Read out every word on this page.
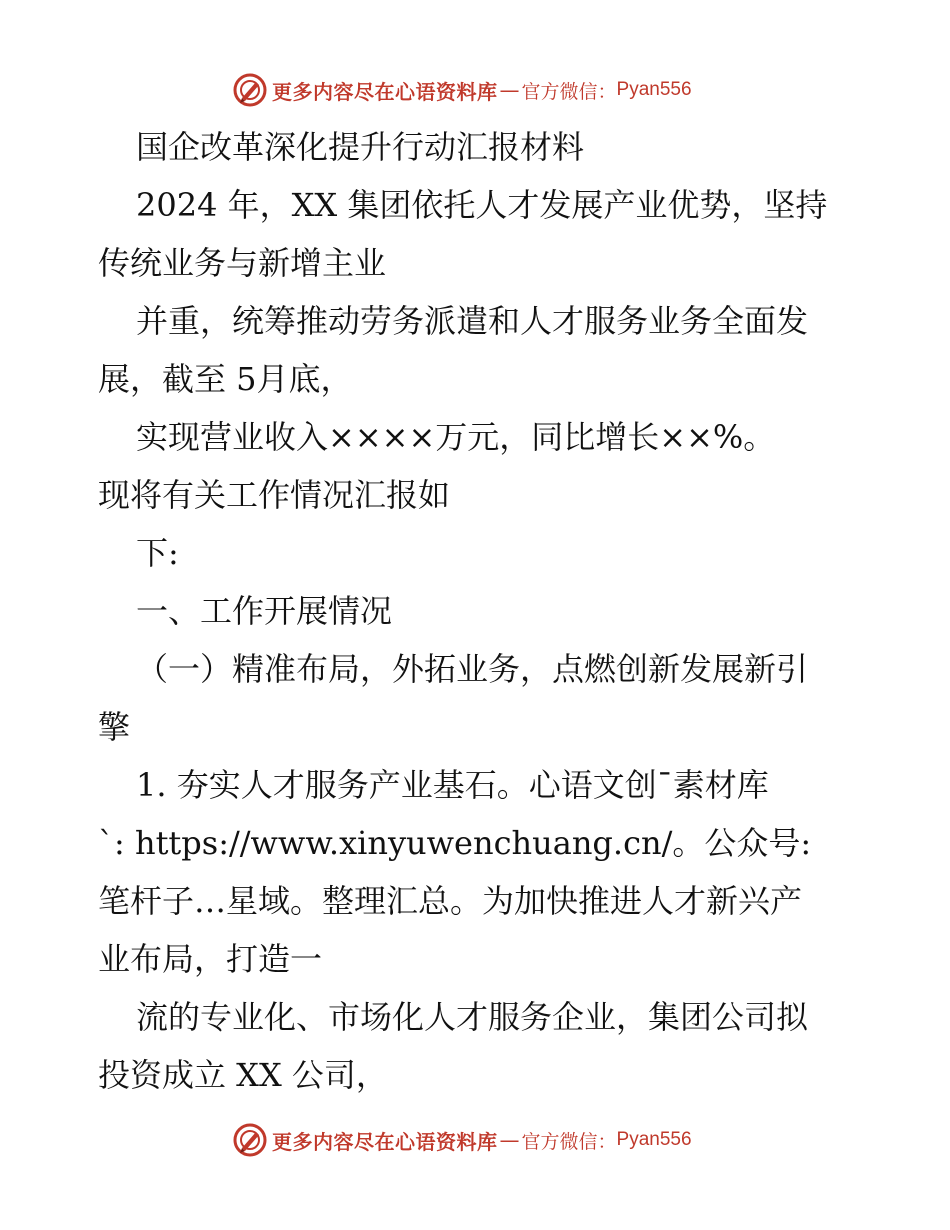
更多内容尽在心语资料库 — 官方微信： Pyan556
国企改革深化提升行动汇报材料
2024 年，XX 集团依托人才发展产业优势，坚持
传统业务与新增主业
并重，统筹推动劳务派遣和人才服务业务全面发
展，截至 5月底，
实现营业收入××××万元，同比增长××%。
现将有关工作情况汇报如
下:
一、工作开展情况
（一）精准布局，外拓业务，点燃创新发展新引
擎
1. 夯实人才服务产业基石。心语文创¯素材库
`: https://www.xinyuwenchuang.cn/。公众号:
笔杆子…星域。整理汇总。为加快推进人才新兴产
业布局，打造一
流的专业化、市场化人才服务企业，集团公司拟
投资成立 XX 公司，
更多内容尽在心语资料库 — 官方微信： Pyan556
